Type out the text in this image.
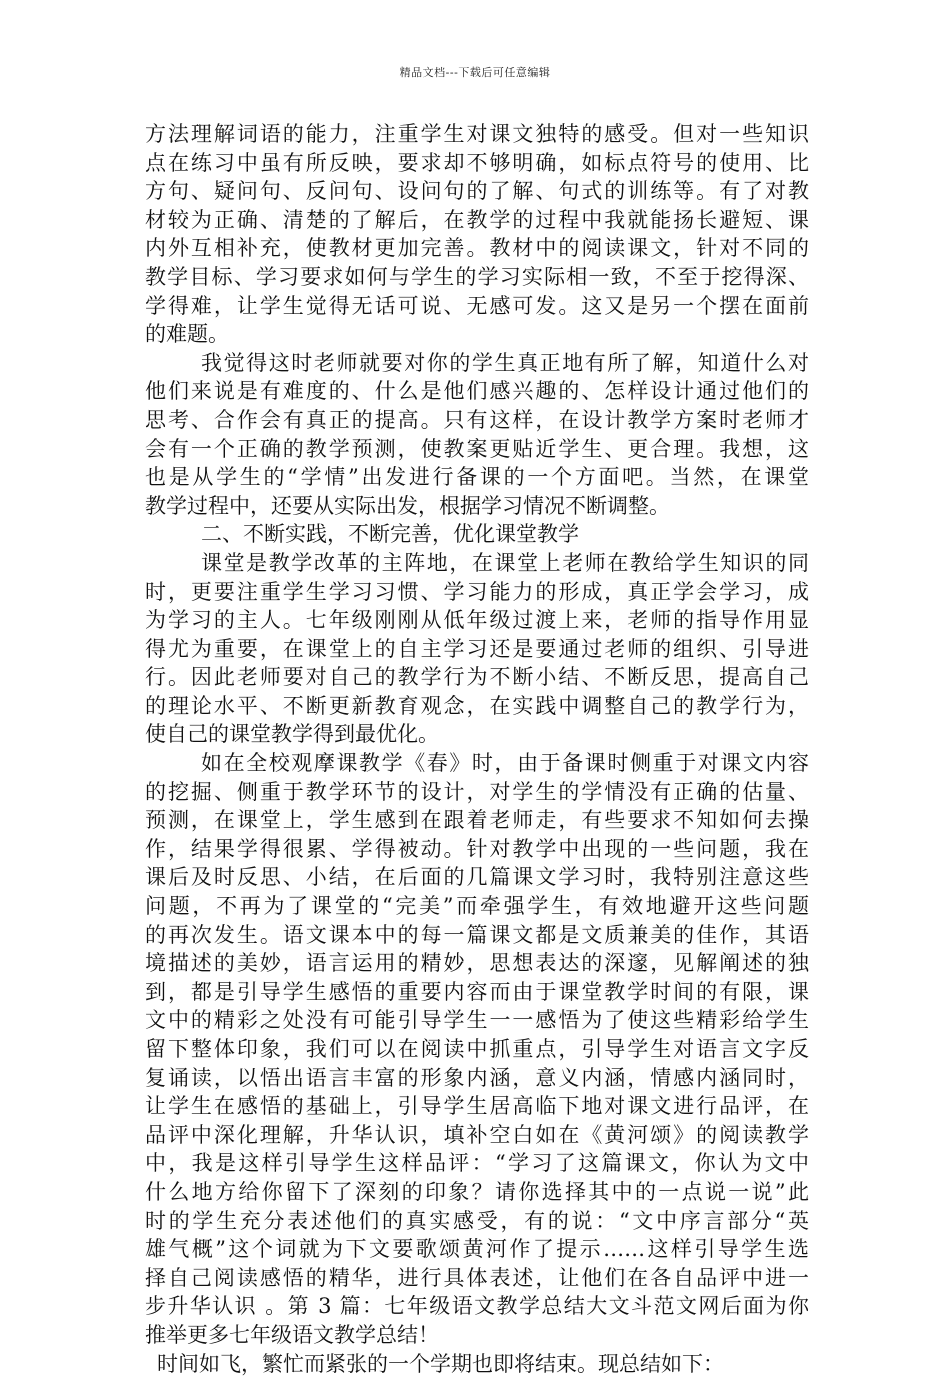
精品文档---下载后可任意编辑
方法理解词语的能力，注重学生对课文独特的感受。但对一些知识
点在练习中虽有所反映，要求却不够明确，如标点符号的使用、比
方句、疑问句、反问句、设问句的了解、句式的训练等。有了对教
材较为正确、清楚的了解后，在教学的过程中我就能扬长避短、课
内外互相补充，使教材更加完善。教材中的阅读课文，针对不同的
教学目标、学习要求如何与学生的学习实际相一致，不至于挖得深、
学得难，让学生觉得无话可说、无感可发。这又是另一个摆在面前
的难题。
我觉得这时老师就要对你的学生真正地有所了解，知道什么对
他们来说是有难度的、什么是他们感兴趣的、怎样设计通过他们的
思考、合作会有真正的提高。只有这样，在设计教学方案时老师才
会有一个正确的教学预测，使教案更贴近学生、更合理。我想，这
也是从学生的“学情”出发进行备课的一个方面吧。当然，在课堂
教学过程中，还要从实际出发，根据学习情况不断调整。
二、不断实践，不断完善，优化课堂教学
课堂是教学改革的主阵地，在课堂上老师在教给学生知识的同
时，更要注重学生学习习惯、学习能力的形成，真正学会学习，成
为学习的主人。七年级刚刚从低年级过渡上来，老师的指导作用显
得尤为重要，在课堂上的自主学习还是要通过老师的组织、引导进
行。因此老师要对自己的教学行为不断小结、不断反思，提高自己
的理论水平、不断更新教育观念，在实践中调整自己的教学行为，
使自己的课堂教学得到最优化。
如在全校观摩课教学《春》时，由于备课时侧重于对课文内容
的挖掘、侧重于教学环节的设计，对学生的学情没有正确的估量、
预测，在课堂上，学生感到在跟着老师走，有些要求不知如何去操
作，结果学得很累、学得被动。针对教学中出现的一些问题，我在
课后及时反思、小结，在后面的几篇课文学习时，我特别注意这些
问题，不再为了课堂的“完美”而牵强学生，有效地避开这些问题
的再次发生。语文课本中的每一篇课文都是文质兼美的佳作，其语
境描述的美妙，语言运用的精妙，思想表达的深邃，见解阐述的独
到，都是引导学生感悟的重要内容而由于课堂教学时间的有限，课
文中的精彩之处没有可能引导学生一一感悟为了使这些精彩给学生
留下整体印象，我们可以在阅读中抓重点，引导学生对语言文字反
复诵读，以悟出语言丰富的形象内涵，意义内涵，情感内涵同时，
让学生在感悟的基础上，引导学生居高临下地对课文进行品评，在
品评中深化理解，升华认识，填补空白如在《黄河颂》的阅读教学
中，我是这样引导学生这样品评：“学习了这篇课文，你认为文中
什么地方给你留下了深刻的印象？请你选择其中的一点说一说”此
时的学生充分表述他们的真实感受，有的说：“文中序言部分“英
雄气概”这个词就为下文要歌颂黄河作了提示……这样引导学生选
择自己阅读感悟的精华，进行具体表述，让他们在各自品评中进一
步升华认识 。第 3 篇：七年级语文教学总结大文斗范文网后面为你
推举更多七年级语文教学总结！
时间如飞，繁忙而紧张的一个学期也即将结束。现总结如下：
